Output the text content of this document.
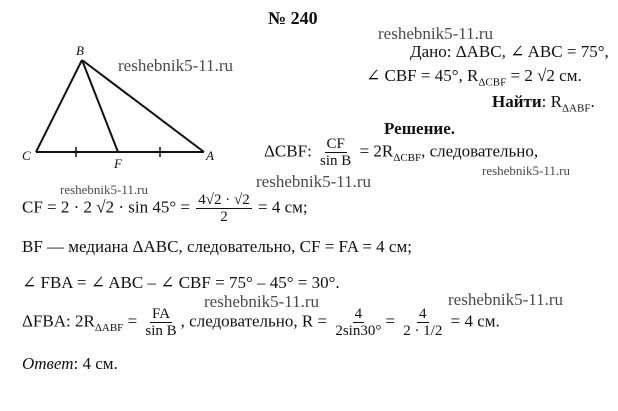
№ 240
B
C
F
A
reshebnik5-11.ru
reshebnik5-11.ru
reshebnik5-11.ru
reshebnik5-11.ru	reshebnik5-11.ru
reshebnik5-11.ru	reshebnik5-11.ru
Дано: ΔABC, ∠ ABC = 75°,
∠ CBF = 45°, $R_{\Delta CBF} = 2$ √2 см.
Найти: $R_{\Delta ABF}$.
Решение.
ΔCBF: $\frac{CF}{\text{sin B}} = 2R_{\Delta CBF}$, следовательно,
CF = 2 · 2 $√2 \cdot \sin 45^\circ = \frac{4√2 \cdot √2}{2} = 4$ см;
BF — медиана ΔABC, следовательно, CF = FA = 4 см;
∠ FBA = ∠ ABC – ∠ CBF = 75° – 45° = 30°.
ΔFBA: $2R_{\Delta ABF} = \frac{FA}{\text{sin B}}$ , следовательно, $R = \frac{4}{2\sin 30^\circ} = \frac{4}{2 \cdot 1/2} = 4$ см.
Ответ: 4 см.
